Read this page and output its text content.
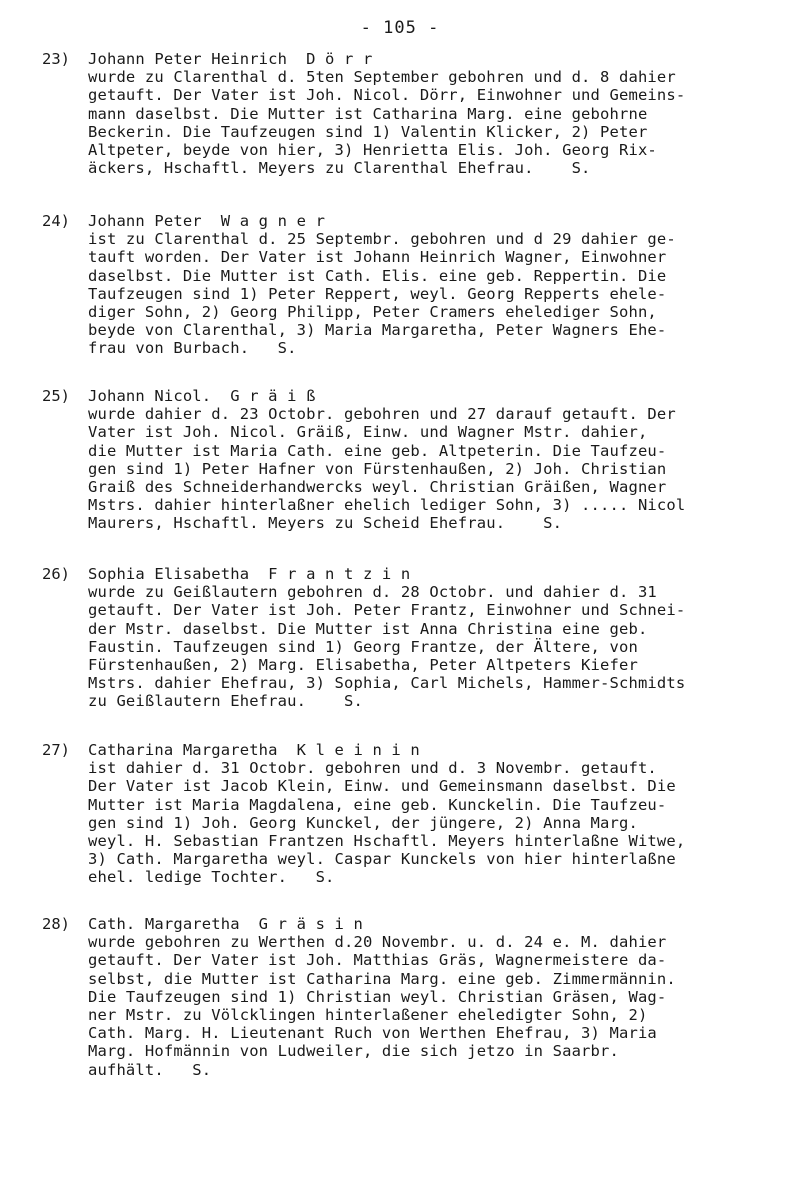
- 105 -
23)	Johann Peter Heinrich  D ö r r
wurde zu Clarenthal d. 5ten September gebohren und d. 8 dahier
getauft. Der Vater ist Joh. Nicol. Dörr, Einwohner und Gemeins-
mann daselbst. Die Mutter ist Catharina Marg. eine gebohrne
Beckerin. Die Taufzeugen sind 1) Valentin Klicker, 2) Peter
Altpeter, beyde von hier, 3) Henrietta Elis. Joh. Georg Rix-
äckers, Hschaftl. Meyers zu Clarenthal Ehefrau.    S.
24)	Johann Peter  W a g n e r
ist zu Clarenthal d. 25 Septembr. gebohren und d 29 dahier ge-
tauft worden. Der Vater ist Johann Heinrich Wagner, Einwohner
daselbst. Die Mutter ist Cath. Elis. eine geb. Reppertin. Die
Taufzeugen sind 1) Peter Reppert, weyl. Georg Repperts ehele-
diger Sohn, 2) Georg Philipp, Peter Cramers ehelediger Sohn,
beyde von Clarenthal, 3) Maria Margaretha, Peter Wagners Ehe-
frau von Burbach.   S.
25)	Johann Nicol.  G r ä i ß
wurde dahier d. 23 Octobr. gebohren und 27 darauf getauft. Der
Vater ist Joh. Nicol. Gräiß, Einw. und Wagner Mstr. dahier,
die Mutter ist Maria Cath. eine geb. Altpeterin. Die Taufzeu-
gen sind 1) Peter Hafner von Fürstenhaußen, 2) Joh. Christian
Graiß des Schneiderhandwercks weyl. Christian Gräißen, Wagner
Mstrs. dahier hinterlaßner ehelich lediger Sohn, 3) ..... Nicol
Maurers, Hschaftl. Meyers zu Scheid Ehefrau.    S.
26)	Sophia Elisabetha  F r a n t z i n
wurde zu Geißlautern gebohren d. 28 Octobr. und dahier d. 31
getauft. Der Vater ist Joh. Peter Frantz, Einwohner und Schnei-
der Mstr. daselbst. Die Mutter ist Anna Christina eine geb.
Faustin. Taufzeugen sind 1) Georg Frantze, der Ältere, von
Fürstenhaußen, 2) Marg. Elisabetha, Peter Altpeters Kiefer
Mstrs. dahier Ehefrau, 3) Sophia, Carl Michels, Hammer-Schmidts
zu Geißlautern Ehefrau.    S.
27)	Catharina Margaretha  K l e i n i n
ist dahier d. 31 Octobr. gebohren und d. 3 Novembr. getauft.
Der Vater ist Jacob Klein, Einw. und Gemeinsmann daselbst. Die
Mutter ist Maria Magdalena, eine geb. Kunckelin. Die Taufzeu-
gen sind 1) Joh. Georg Kunckel, der jüngere, 2) Anna Marg.
weyl. H. Sebastian Frantzen Hschaftl. Meyers hinterlaßne Witwe,
3) Cath. Margaretha weyl. Caspar Kunckels von hier hinterlaßne
ehel. ledige Tochter.   S.
28)	Cath. Margaretha  G r ä s i n
wurde gebohren zu Werthen d.20 Novembr. u. d. 24 e. M. dahier
getauft. Der Vater ist Joh. Matthias Gräs, Wagnermeistere da-
selbst, die Mutter ist Catharina Marg. eine geb. Zimmermännin.
Die Taufzeugen sind 1) Christian weyl. Christian Gräsen, Wag-
ner Mstr. zu Völcklingen hinterlaßener eheledigter Sohn, 2)
Cath. Marg. H. Lieutenant Ruch von Werthen Ehefrau, 3) Maria
Marg. Hofmännin von Ludweiler, die sich jetzo in Saarbr.
aufhält.   S.
